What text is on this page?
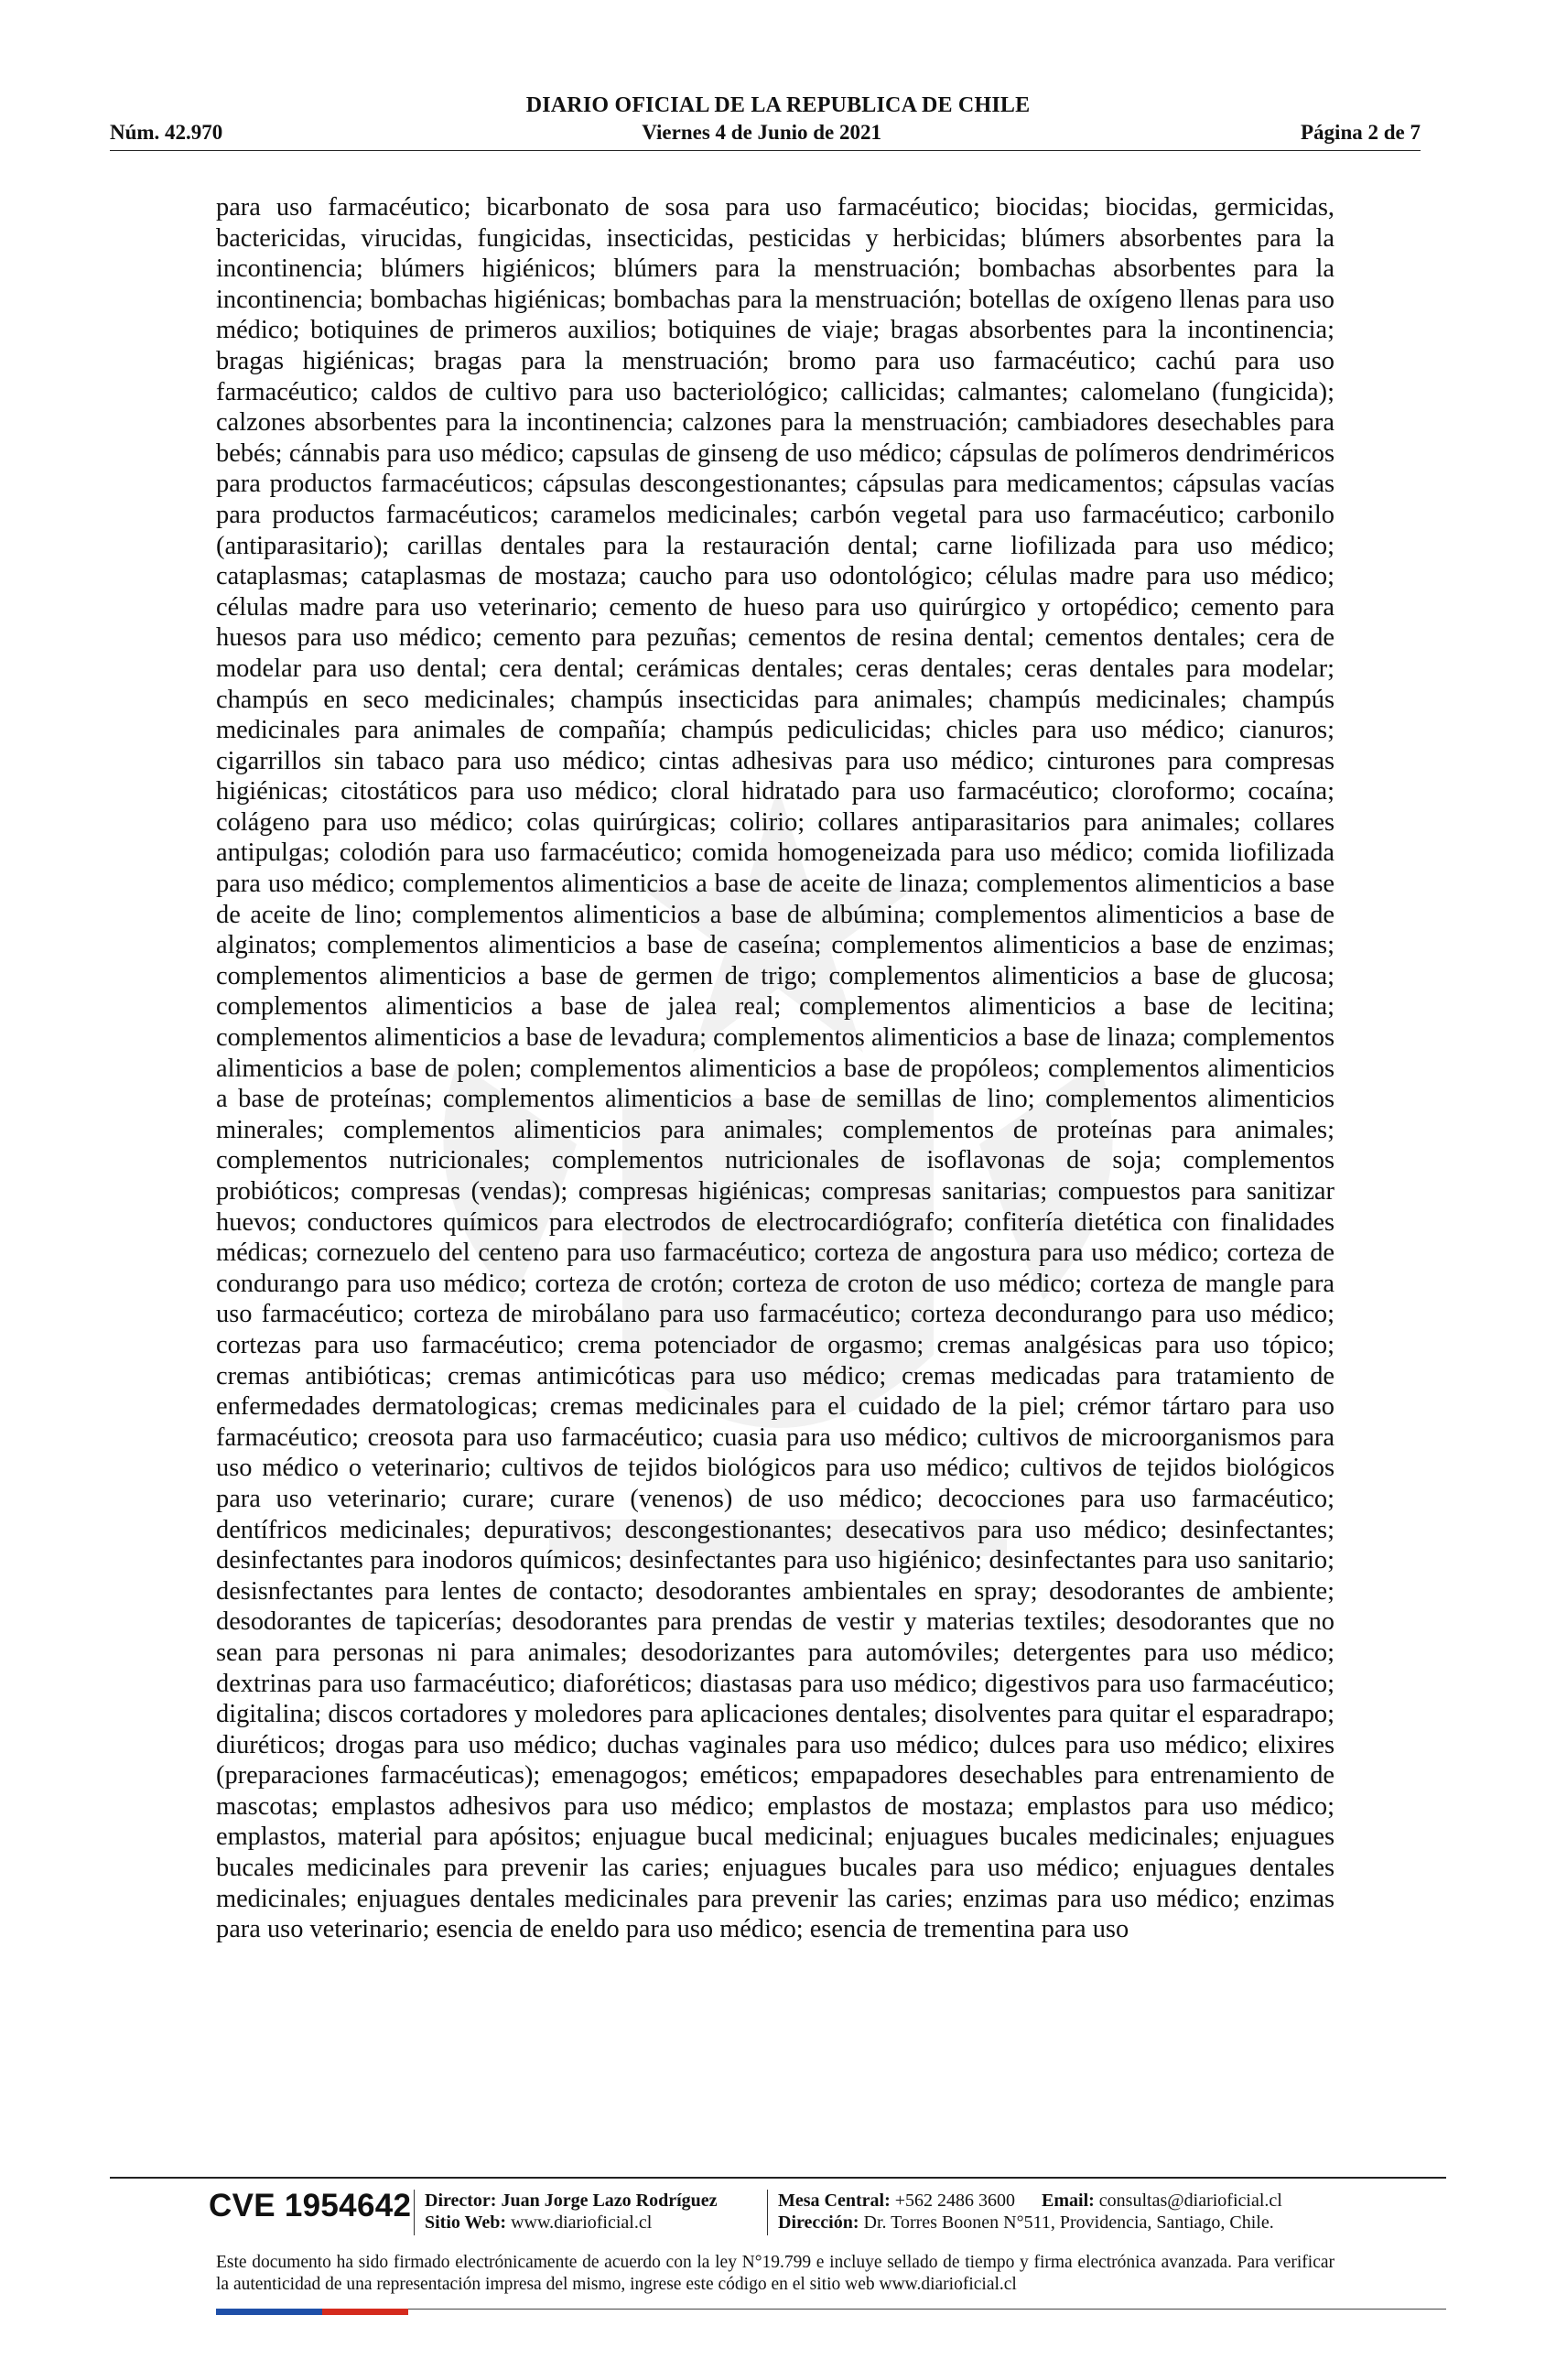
DIARIO OFICIAL DE LA REPUBLICA DE CHILE
Núm. 42.970	Viernes 4 de Junio de 2021	Página 2 de 7

para uso farmacéutico; bicarbonato de sosa para uso farmacéutico; biocidas; biocidas, germicidas, bactericidas, virucidas, fungicidas, insecticidas, pesticidas y herbicidas; blúmers absorbentes para la incontinencia; blúmers higiénicos; blúmers para la menstruación; bombachas absorbentes para la incontinencia; bombachas higiénicas; bombachas para la menstruación; botellas de oxígeno llenas para uso médico; botiquines de primeros auxilios; botiquines de viaje; bragas absorbentes para la incontinencia; bragas higiénicas; bragas para la menstruación; bromo para uso farmacéutico; cachú para uso farmacéutico; caldos de cultivo para uso bacteriológico; callicidas; calmantes; calomelano (fungicida); calzones absorbentes para la incontinencia; calzones para la menstruación; cambiadores desechables para bebés; cánnabis para uso médico; capsulas de ginseng de uso médico; cápsulas de polímeros dendriméricos para productos farmacéuticos; cápsulas descongestionantes; cápsulas para medicamentos; cápsulas vacías para productos farmacéuticos; caramelos medicinales; carbón vegetal para uso farmacéutico; carbonilo (antiparasitario); carillas dentales para la restauración dental; carne liofilizada para uso médico; cataplasmas; cataplasmas de mostaza; caucho para uso odontológico; células madre para uso médico; células madre para uso veterinario; cemento de hueso para uso quirúrgico y ortopédico; cemento para huesos para uso médico; cemento para pezuñas; cementos de resina dental; cementos dentales; cera de modelar para uso dental; cera dental; cerámicas dentales; ceras dentales; ceras dentales para modelar; champús en seco medicinales; champús insecticidas para animales; champús medicinales; champús medicinales para animales de compañía; champús pediculicidas; chicles para uso médico; cianuros; cigarrillos sin tabaco para uso médico; cintas adhesivas para uso médico; cinturones para compresas higiénicas; citostáticos para uso médico; cloral hidratado para uso farmacéutico; cloroformo; cocaína; colágeno para uso médico; colas quirúrgicas; colirio; collares antiparasitarios para animales; collares antipulgas; colodión para uso farmacéutico; comida homogeneizada para uso médico; comida liofilizada para uso médico; complementos alimenticios a base de aceite de linaza; complementos alimenticios a base de aceite de lino; complementos alimenticios a base de albúmina; complementos alimenticios a base de alginatos; complementos alimenticios a base de caseína; complementos alimenticios a base de enzimas; complementos alimenticios a base de germen de trigo; complementos alimenticios a base de glucosa; complementos alimenticios a base de jalea real; complementos alimenticios a base de lecitina; complementos alimenticios a base de levadura; complementos alimenticios a base de linaza; complementos alimenticios a base de polen; complementos alimenticios a base de propóleos; complementos alimenticios a base de proteínas; complementos alimenticios a base de semillas de lino; complementos alimenticios minerales; complementos alimenticios para animales; complementos de proteínas para animales; complementos nutricionales; complementos nutricionales de isoflavonas de soja; complementos probióticos; compresas (vendas); compresas higiénicas; compresas sanitarias; compuestos para sanitizar huevos; conductores químicos para electrodos de electrocardiógrafo; confitería dietética con finalidades médicas; cornezuelo del centeno para uso farmacéutico; corteza de angostura para uso médico; corteza de condurango para uso médico; corteza de crotón; corteza de croton de uso médico; corteza de mangle para uso farmacéutico; corteza de mirobálano para uso farmacéutico; corteza decondurango para uso médico; cortezas para uso farmacéutico; crema potenciador de orgasmo; cremas analgésicas para uso tópico; cremas antibióticas; cremas antimicóticas para uso médico; cremas medicadas para tratamiento de enfermedades dermatologicas; cremas medicinales para el cuidado de la piel; crémor tártaro para uso farmacéutico; creosota para uso farmacéutico; cuasia para uso médico; cultivos de microorganismos para uso médico o veterinario; cultivos de tejidos biológicos para uso médico; cultivos de tejidos biológicos para uso veterinario; curare; curare (venenos) de uso médico; decocciones para uso farmacéutico; dentífricos medicinales; depurativos; descongestionantes; desecativos para uso médico; desinfectantes; desinfectantes para inodoros químicos; desinfectantes para uso higiénico; desinfectantes para uso sanitario; desisnfectantes para lentes de contacto; desodorantes ambientales en spray; desodorantes de ambiente; desodorantes de tapicerías; desodorantes para prendas de vestir y materias textiles; desodorantes que no sean para personas ni para animales; desodorizantes para automóviles; detergentes para uso médico; dextrinas para uso farmacéutico; diaforéticos; diastasas para uso médico; digestivos para uso farmacéutico; digitalina; discos cortadores y moledores para aplicaciones dentales; disolventes para quitar el esparadrapo; diuréticos; drogas para uso médico; duchas vaginales para uso médico; dulces para uso médico; elixires (preparaciones farmacéuticas); emenagogos; eméticos; empapadores desechables para entrenamiento de mascotas; emplastos adhesivos para uso médico; emplastos de mostaza; emplastos para uso médico; emplastos, material para apósitos; enjuague bucal medicinal; enjuagues bucales medicinales; enjuagues bucales medicinales para prevenir las caries; enjuagues bucales para uso médico; enjuagues dentales medicinales; enjuagues dentales medicinales para prevenir las caries; enzimas para uso médico; enzimas para uso veterinario; esencia de eneldo para uso médico; esencia de trementina para uso

CVE 1954642 Director: Juan Jorge Lazo Rodríguez
Sitio Web: www.diarioficial.cl
Mesa Central: +562 2486 3600 Email: consultas@diarioficial.cl
Dirección: Dr. Torres Boonen N°511, Providencia, Santiago, Chile.

Este documento ha sido firmado electrónicamente de acuerdo con la ley N°19.799 e incluye sellado de tiempo y firma electrónica avanzada. Para verificar la autenticidad de una representación impresa del mismo, ingrese este código en el sitio web www.diarioficial.cl
